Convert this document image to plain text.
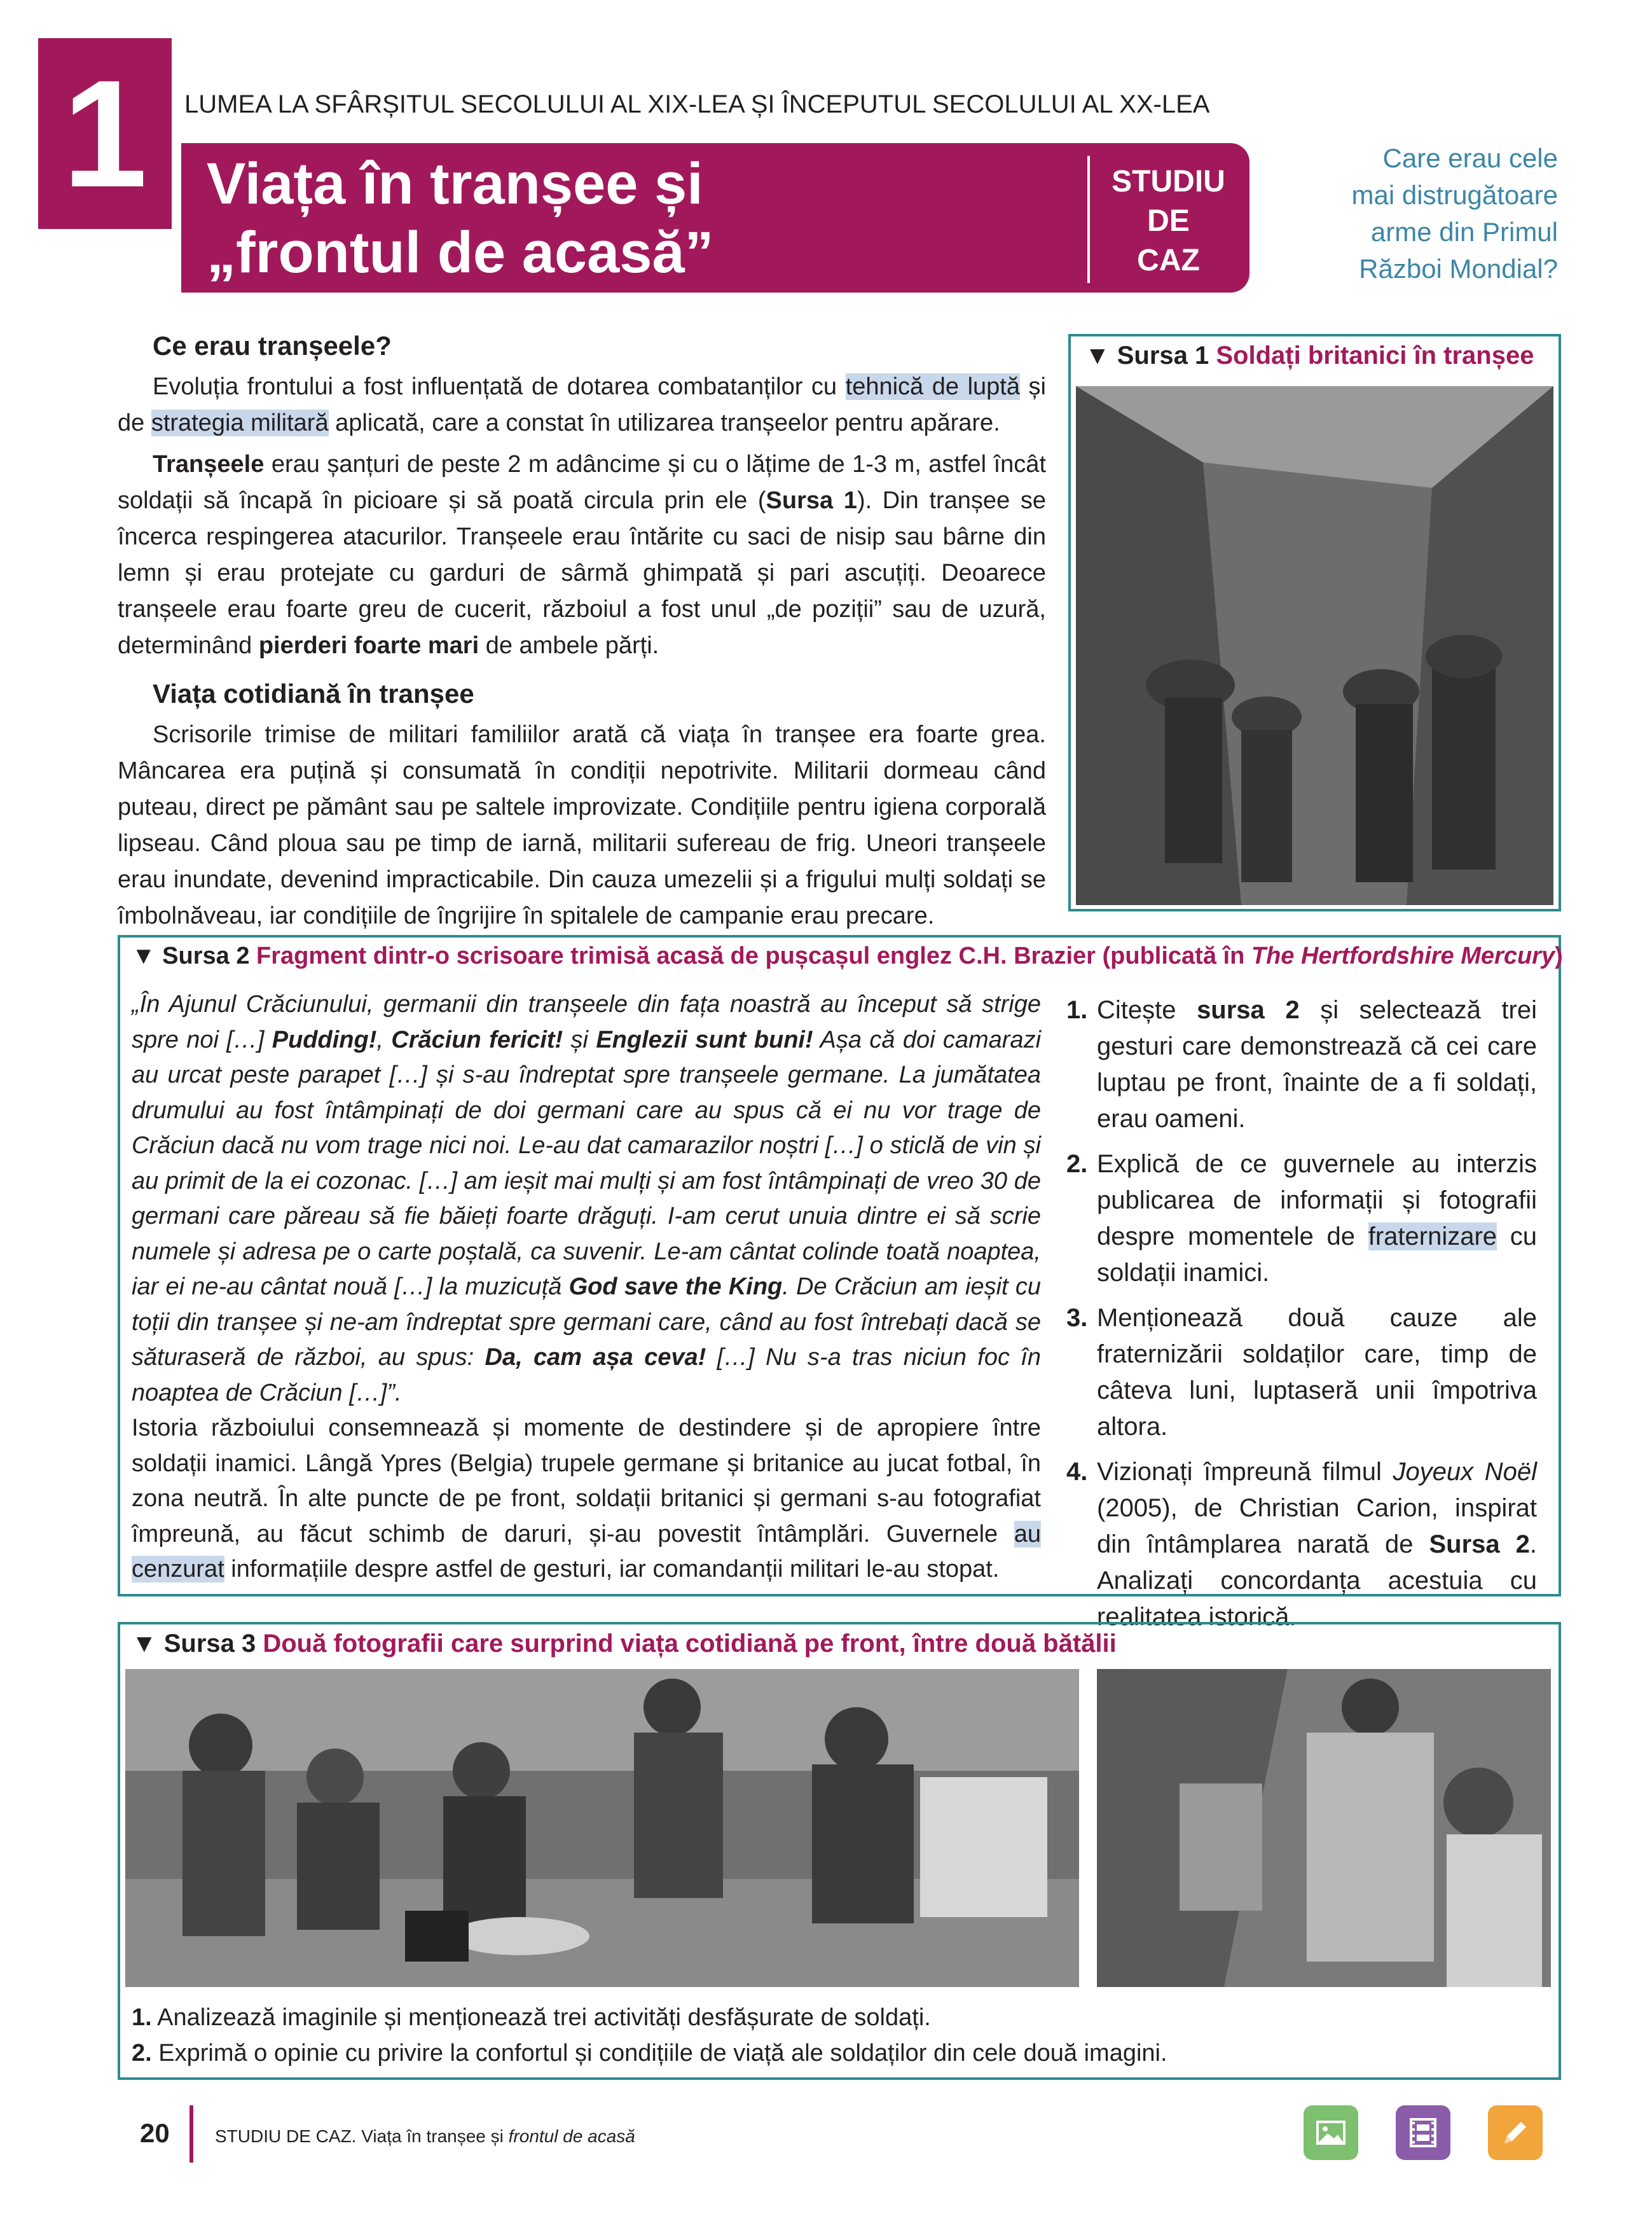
1	LUMEA LA SFÂRȘITUL SECOLULUI AL XIX-LEA ȘI ÎNCEPUTUL SECOLULUI AL XX-LEA
Viața în tranșee și
„frontul de acasă”
STUDIU
DE
CAZ
Care erau cele
mai distrugătoare
arme din Primul
Război Mondial?
Ce erau tranșeele?

Evoluția frontului a fost influențată de dotarea combatanților cu tehnică de luptă și de strategia militară aplicată, care a constat în utilizarea tranșeelor pentru apărare.

Tranșeele erau șanțuri de peste 2 m adâncime și cu o lățime de 1-3 m, astfel încât soldații să încapă în picioare și să poată circula prin ele (Sursa 1). Din tranșee se încerca respingerea atacurilor. Tranșeele erau întărite cu saci de nisip sau bârne din lemn și erau protejate cu garduri de sârmă ghimpată și pari ascuțiți. Deoarece tranșeele erau foarte greu de cucerit, războiul a fost unul „de poziții” sau de uzură, determinând pierderi foarte mari de ambele părți.

Viața cotidiană în tranșee

Scrisorile trimise de militari familiilor arată că viața în tranșee era foarte grea. Mâncarea era puțină și consumată în condiții nepotrivite. Militarii dormeau când puteau, direct pe pământ sau pe saltele improvizate. Condițiile pentru igiena corporală lipseau. Când ploua sau pe timp de iarnă, militarii sufereau de frig. Uneori tranșeele erau inundate, devenind impracticabile. Din cauza umezelii și a frigului mulți soldați se îmbolnăveau, iar condițiile de îngrijire în spitalele de campanie erau precare.

▼ Sursa 1 Soldați britanici în tranșee
▼ Sursa 2 Fragment dintr-o scrisoare trimisă acasă de pușcașul englez C.H. Brazier (publicată în The Hertfordshire Mercury)

„În Ajunul Crăciunului, germanii din tranșeele din fața noastră au început să strige spre noi […] Pudding!, Crăciun fericit! și Englezii sunt buni! Așa că doi camarazi au urcat peste parapet […] și s-au îndreptat spre tranșeele germane. La jumătatea drumului au fost întâmpinați de doi germani care au spus că ei nu vor trage de Crăciun dacă nu vom trage nici noi. Le-au dat camarazilor noștri […] o sticlă de vin și au primit de la ei cozonac. […] am ieșit mai mulți și am fost întâmpinați de vreo 30 de germani care păreau să fie băieți foarte drăguți. I-am cerut unuia dintre ei să scrie numele și adresa pe o carte poștală, ca suvenir. Le-am cântat colinde toată noaptea, iar ei ne-au cântat nouă […] la muzicuță God save the King. De Crăciun am ieșit cu toții din tranșee și ne-am îndreptat spre germani care, când au fost întrebați dacă se săturaseră de război, au spus: Da, cam așa ceva! […] Nu s-a tras niciun foc în noaptea de Crăciun […]”.

Istoria războiului consemnează și momente de destindere și de apropiere între soldații inamici. Lângă Ypres (Belgia) trupele germane și britanice au jucat fotbal, în zona neutră. În alte puncte de pe front, soldații britanici și germani s-au fotografiat împreună, au făcut schimb de daruri, și-au povestit întâmplări. Guvernele au cenzurat informațiile despre astfel de gesturi, iar comandanții militari le-au stopat.

1. Citește sursa 2 și selectează trei gesturi care demonstrează că cei care luptau pe front, înainte de a fi soldați, erau oameni.
2. Explică de ce guvernele au interzis publicarea de informații și fotografii despre momentele de fraternizare cu soldații inamici.
3. Menționează două cauze ale fraternizării soldaților care, timp de câteva luni, luptaseră unii împotriva altora.
4. Vizionați împreună filmul Joyeux Noël (2005), de Christian Carion, inspirat din întâmplarea narată de Sursa 2. Analizați concordanța acestuia cu realitatea istorică.
▼ Sursa 3 Două fotografii care surprind viața cotidiană pe front, între două bătălii
1. Analizează imaginile și menționează trei activități desfășurate de soldați.
2. Exprimă o opinie cu privire la confortul și condițiile de viață ale soldaților din cele două imagini.
20	STUDIU DE CAZ. Viața în tranșee și frontul de acasă
